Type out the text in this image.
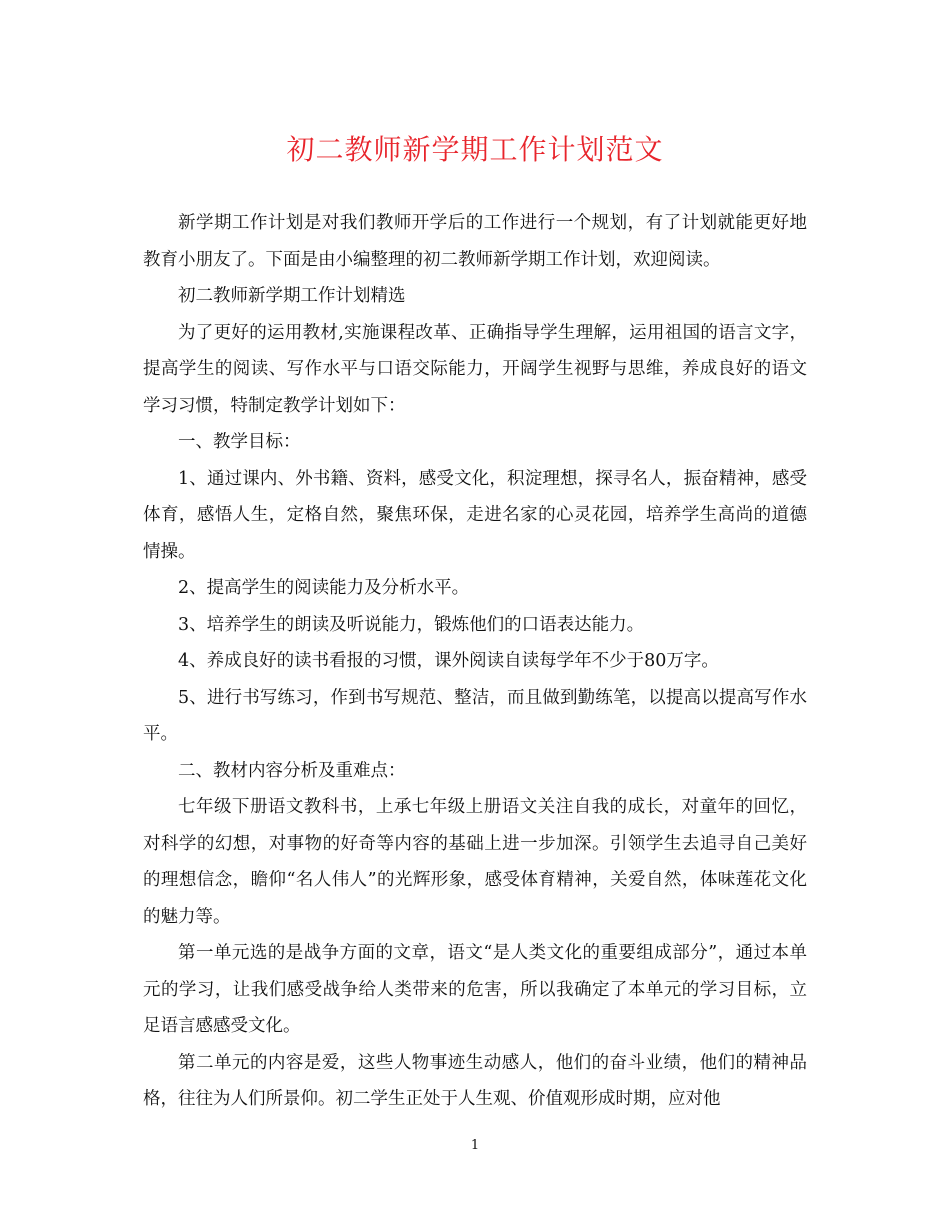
初二教师新学期工作计划范文

新学期工作计划是对我们教师开学后的工作进行一个规划，有了计划就能更好地教育小朋友了。下面是由小编整理的初二教师新学期工作计划，欢迎阅读。

初二教师新学期工作计划精选

为了更好的运用教材,实施课程改革、正确指导学生理解，运用祖国的语言文字，提高学生的阅读、写作水平与口语交际能力，开阔学生视野与思维，养成良好的语文学习习惯，特制定教学计划如下：

一、教学目标：

1、通过课内、外书籍、资料，感受文化，积淀理想，探寻名人，振奋精神，感受体育，感悟人生，定格自然，聚焦环保，走进名家的心灵花园，培养学生高尚的道德情操。

2、提高学生的阅读能力及分析水平。

3、培养学生的朗读及听说能力，锻炼他们的口语表达能力。

4、养成良好的读书看报的习惯，课外阅读自读每学年不少于80万字。

5、进行书写练习，作到书写规范、整洁，而且做到勤练笔，以提高以提高写作水平。

二、教材内容分析及重难点：

七年级下册语文教科书，上承七年级上册语文关注自我的成长，对童年的回忆，对科学的幻想，对事物的好奇等内容的基础上进一步加深。引领学生去追寻自己美好的理想信念，瞻仰“名人伟人”的光辉形象，感受体育精神，关爱自然，体味莲花文化的魅力等。

第一单元选的是战争方面的文章，语文“是人类文化的重要组成部分”，通过本单元的学习，让我们感受战争给人类带来的危害，所以我确定了本单元的学习目标，立足语言感感受文化。

第二单元的内容是爱，这些人物事迹生动感人，他们的奋斗业绩，他们的精神品格，往往为人们所景仰。初二学生正处于人生观、价值观形成时期，应对他

1
